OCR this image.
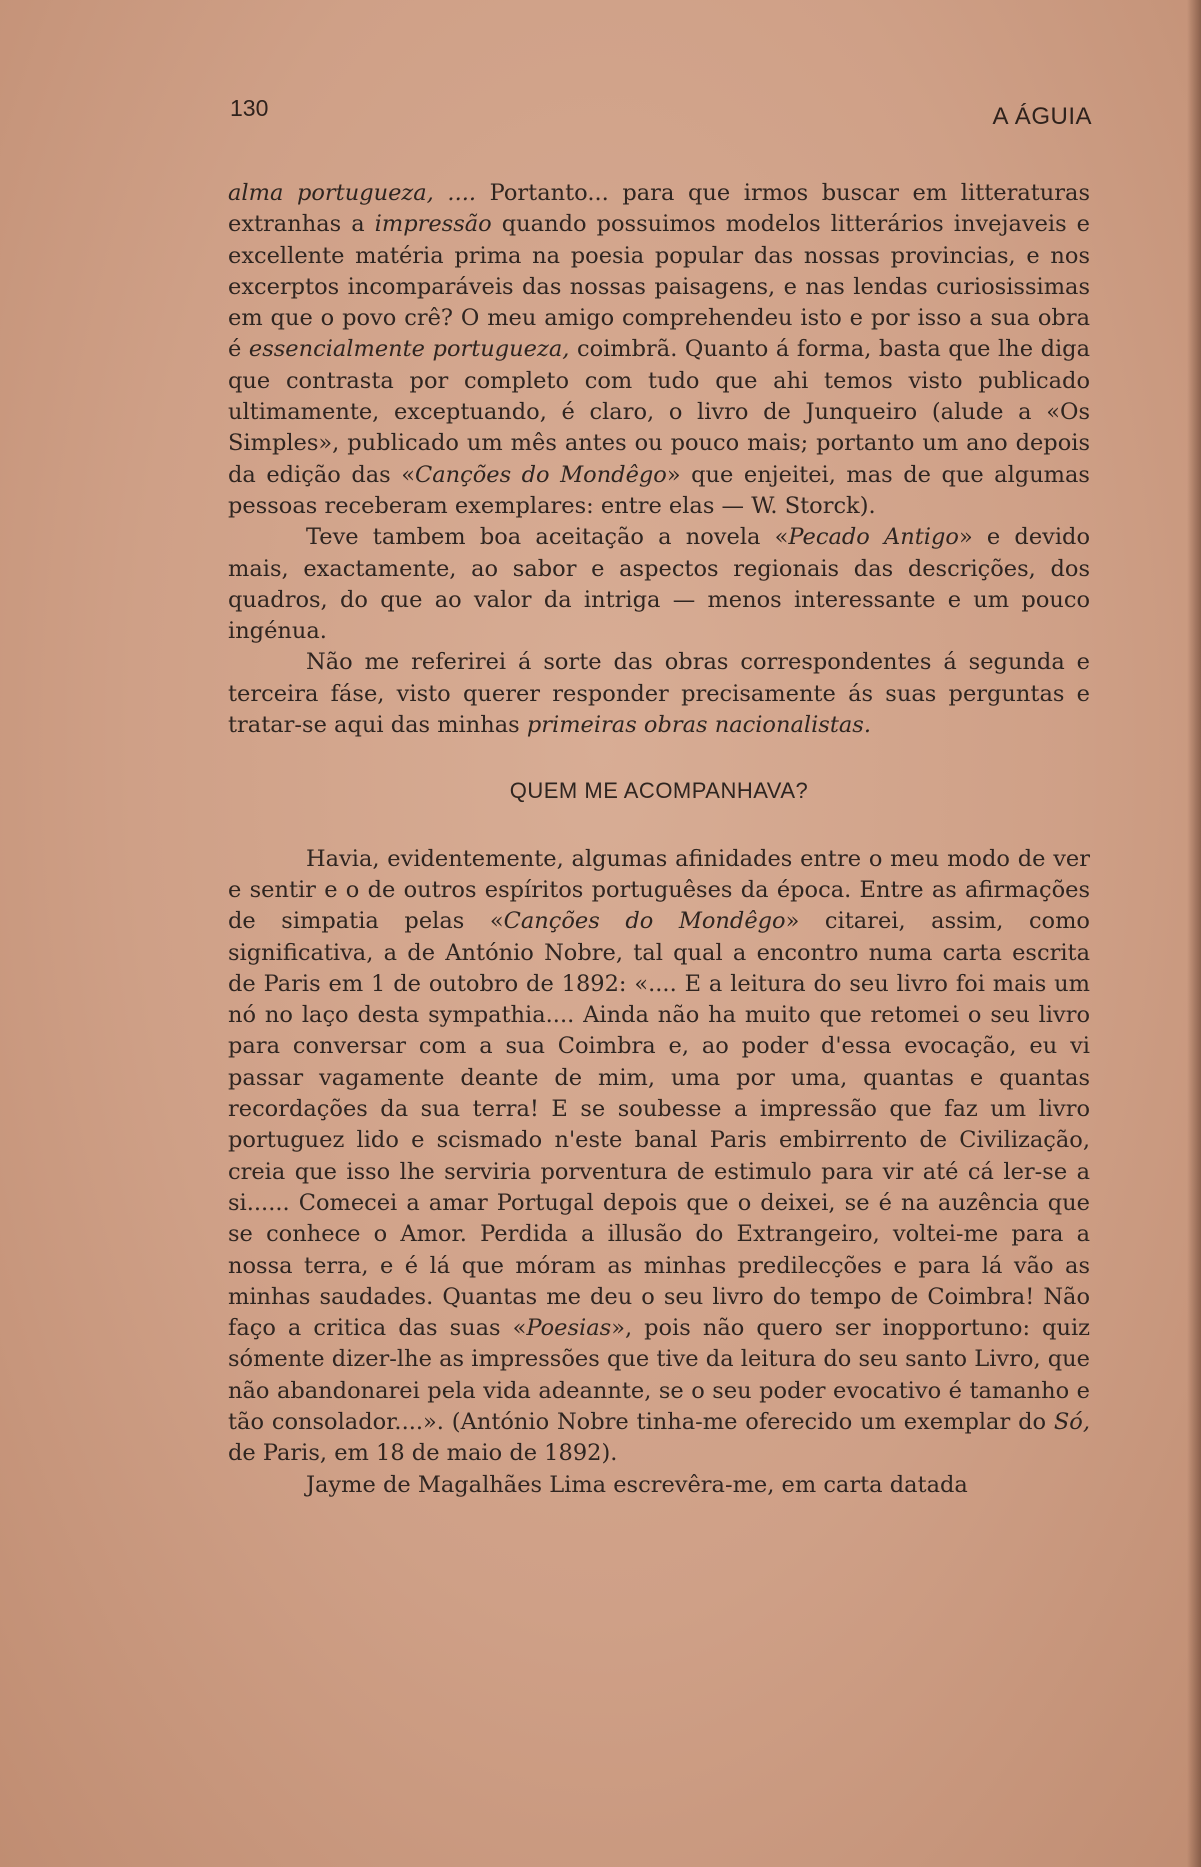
130	A ÁGUIA

alma portugueza, .... Portanto... para que irmos buscar em litteraturas extranhas a impressão quando possuimos modelos litterários invejaveis e excellente matéria prima na poesia popular das nossas provincias, e nos excerptos incomparáveis das nossas paisagens, e nas lendas curiosissimas em que o povo crê? O meu amigo comprehendeu isto e por isso a sua obra é essencialmente portugueza, coimbrã. Quanto á forma, basta que lhe diga que contrasta por completo com tudo que ahi temos visto publicado ultimamente, exceptuando, é claro, o livro de Junqueiro (alude a «Os Simples», publicado um mês antes ou pouco mais; portanto um ano depois da edição das «Canções do Mondêgo» que enjeitei, mas de que algumas pessoas receberam exemplares: entre elas — W. Storck).

Teve tambem boa aceitação a novela «Pecado Antigo» e devido mais, exactamente, ao sabor e aspectos regionais das descrições, dos quadros, do que ao valor da intriga — menos interessante e um pouco ingénua.

Não me referirei á sorte das obras correspondentes á segunda e terceira fáse, visto querer responder precisamente ás suas perguntas e tratar-se aqui das minhas primeiras obras nacionalistas.

QUEM ME ACOMPANHAVA?

Havia, evidentemente, algumas afinidades entre o meu modo de ver e sentir e o de outros espíritos portuguêses da época. Entre as afirmações de simpatia pelas «Canções do Mondêgo» citarei, assim, como significativa, a de António Nobre, tal qual a encontro numa carta escrita de Paris em 1 de outobro de 1892: «.... E a leitura do seu livro foi mais um nó no laço desta sympathia.... Ainda não ha muito que retomei o seu livro para conversar com a sua Coimbra e, ao poder d'essa evocação, eu vi passar vagamente deante de mim, uma por uma, quantas e quantas recordações da sua terra! E se soubesse a impressão que faz um livro portuguez lido e scismado n'este banal Paris embirrento de Civilização, creia que isso lhe serviria porventura de estimulo para vir até cá ler-se a si...... Comecei a amar Portugal depois que o deixei, se é na auzência que se conhece o Amor. Perdida a illusão do Extrangeiro, voltei-me para a nossa terra, e é lá que móram as minhas predilecções e para lá vão as minhas saudades. Quantas me deu o seu livro do tempo de Coimbra! Não faço a critica das suas «Poesias», pois não quero ser inopportuno: quiz sómente dizer-lhe as impressões que tive da leitura do seu santo Livro, que não abandonarei pela vida adeannte, se o seu poder evocativo é tamanho e tão consolador....». (António Nobre tinha-me oferecido um exemplar do Só, de Paris, em 18 de maio de 1892).

Jayme de Magalhães Lima escrevêra-me, em carta datada
